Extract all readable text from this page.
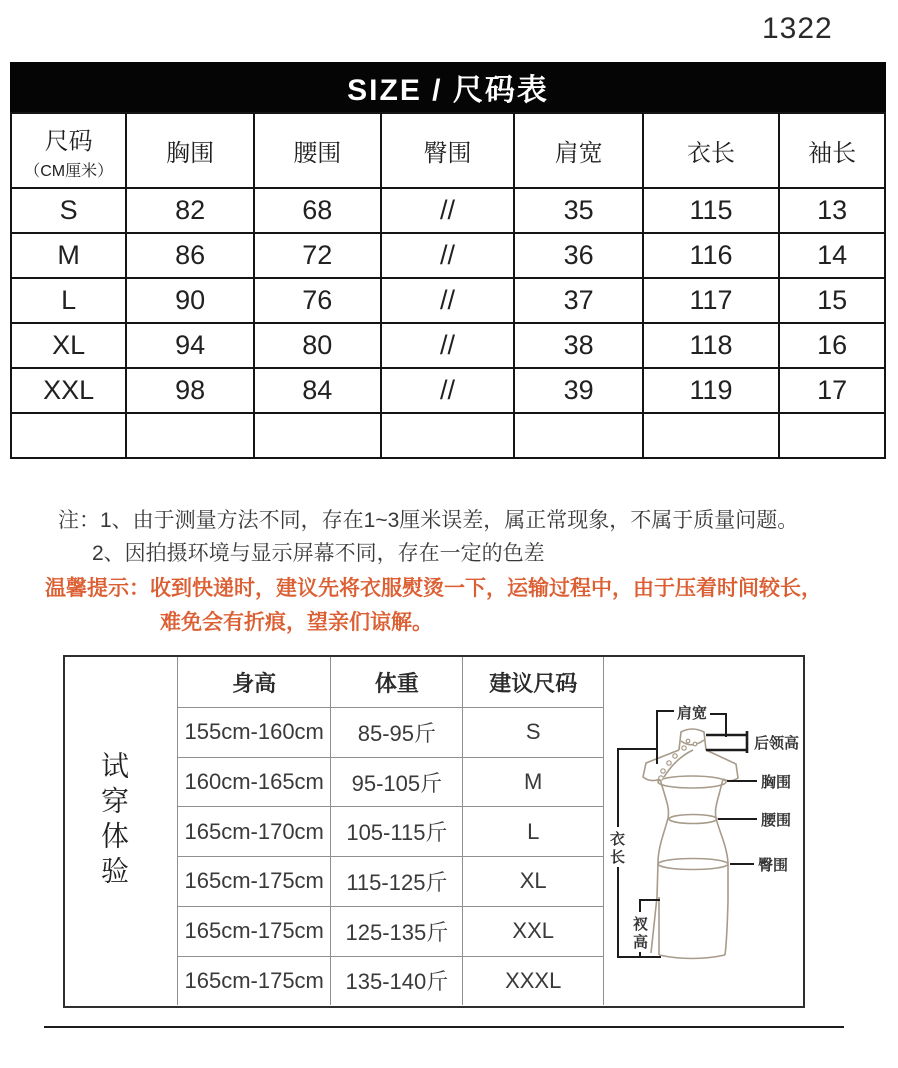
1322
SIZE / 尺码表
尺码
（CM厘米）	胸围	腰围	臀围	肩宽	衣长	袖长
S	82	68	//	35	115	13
M	86	72	//	36	116	14
L	90	76	//	37	117	15
XL	94	80	//	38	118	16
XXL	98	84	//	39	119	17

注：1、由于测量方法不同，存在1~3厘米误差，属正常现象，不属于质量问题。
2、因拍摄环境与显示屏幕不同，存在一定的色差
温馨提示：收到快递时，建议先将衣服熨烫一下，运输过程中，由于压着时间较长，
难免会有折痕，望亲们谅解。
试穿体验
身高	体重	建议尺码
155cm-160cm	85-95斤	S
160cm-165cm	95-105斤	M
165cm-170cm	105-115斤	L
165cm-175cm	115-125斤	XL
165cm-175cm	125-135斤	XXL
165cm-175cm	135-140斤	XXXL
肩宽
后领高
胸围
腰围
臀围
衣
长
衩
高
